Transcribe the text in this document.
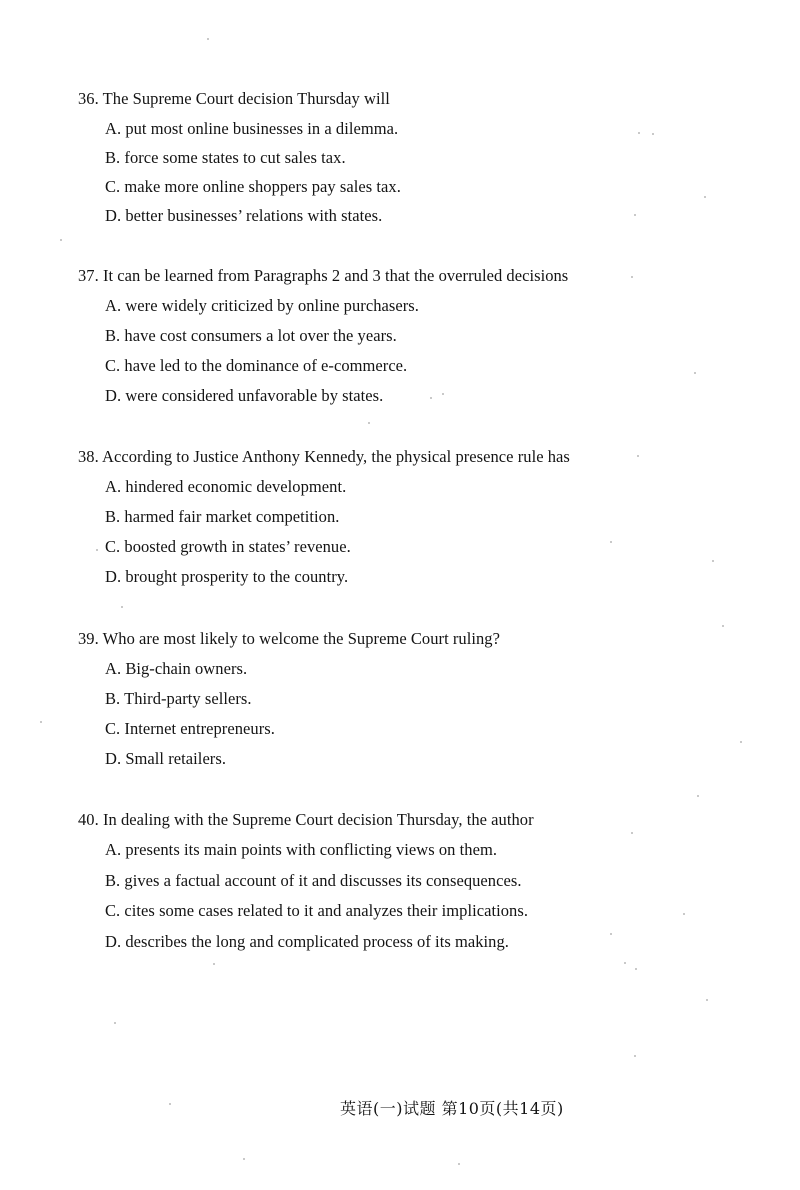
36. The Supreme Court decision Thursday will
A. put most online businesses in a dilemma.
B. force some states to cut sales tax.
C. make more online shoppers pay sales tax.
D. better businesses’ relations with states.
37. It can be learned from Paragraphs 2 and 3 that the overruled decisions
A. were widely criticized by online purchasers.
B. have cost consumers a lot over the years.
C. have led to the dominance of e-commerce.
D. were considered unfavorable by states.
38. According to Justice Anthony Kennedy, the physical presence rule has
A. hindered economic development.
B. harmed fair market competition.
C. boosted growth in states’ revenue.
D. brought prosperity to the country.
39. Who are most likely to welcome the Supreme Court ruling?
A. Big-chain owners.
B. Third-party sellers.
C. Internet entrepreneurs.
D. Small retailers.
40. In dealing with the Supreme Court decision Thursday, the author
A. presents its main points with conflicting views on them.
B. gives a factual account of it and discusses its consequences.
C. cites some cases related to it and analyzes their implications.
D. describes the long and complicated process of its making.
英语(一)试题 第10页(共14页)
